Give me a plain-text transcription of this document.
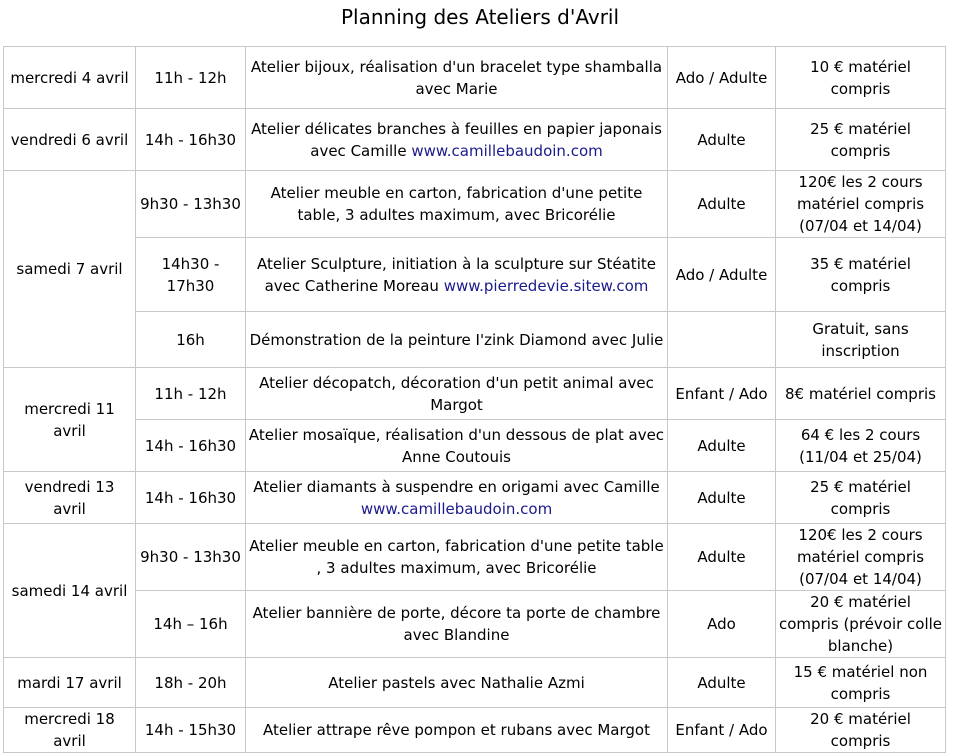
Planning des Ateliers d'Avril
mercredi 4 avril	11h - 12h	Atelier bijoux, réalisation d'un bracelet type shamballa avec Marie	Ado / Adulte	10 € matériel compris
vendredi 6 avril	14h - 16h30	Atelier délicates branches à feuilles en papier japonais avec Camille www.camillebaudoin.com	Adulte	25 € matériel compris
samedi 7 avril	9h30 - 13h30	Atelier meuble en carton, fabrication d'une petite table, 3 adultes maximum, avec Bricorélie	Adulte	120€ les 2 cours matériel compris (07/04 et 14/04)
	14h30 - 17h30	Atelier Sculpture, initiation à la sculpture sur Stéatite avec Catherine Moreau www.pierredevie.sitew.com	Ado / Adulte	35 € matériel compris
	16h	Démonstration de la peinture I'zink Diamond avec Julie		Gratuit, sans inscription
mercredi 11 avril	11h - 12h	Atelier décopatch, décoration d'un petit animal avec Margot	Enfant / Ado	8€ matériel compris
	14h - 16h30	Atelier mosaïque, réalisation d'un dessous de plat avec Anne Coutouis	Adulte	64 € les 2 cours (11/04 et 25/04)
vendredi 13 avril	14h - 16h30	Atelier diamants à suspendre en origami avec Camille www.camillebaudoin.com	Adulte	25 € matériel compris
samedi 14 avril	9h30 - 13h30	Atelier meuble en carton, fabrication d'une petite table , 3 adultes maximum, avec Bricorélie	Adulte	120€ les 2 cours matériel compris (07/04 et 14/04)
	14h – 16h	Atelier bannière de porte, décore ta porte de chambre avec Blandine	Ado	20 € matériel compris (prévoir colle blanche)
mardi 17 avril	18h - 20h	Atelier pastels avec Nathalie Azmi	Adulte	15 € matériel non compris
mercredi 18 avril	14h - 15h30	Atelier attrape rêve pompon et rubans avec Margot	Enfant / Ado	20 € matériel compris
